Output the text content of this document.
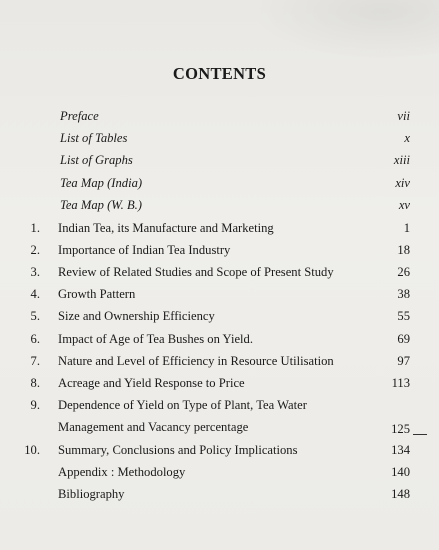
CONTENTS
Preface	vii
List of Tables	x
List of Graphs	xiii
Tea Map (India)	xiv
Tea Map (W. B.)	xv
1. Indian Tea, its Manufacture and Marketing	1
2. Importance of Indian Tea Industry	18
3. Review of Related Studies and Scope of Present Study	26
4. Growth Pattern	38
5. Size and Ownership Efficiency	55
6. Impact of Age of Tea Bushes on Yield.	69
7. Nature and Level of Efficiency in Resource Utilisation	97
8. Acreage and Yield Response to Price	113
9. Dependence of Yield on Type of Plant, Tea Water
Management and Vacancy percentage	125
10. Summary, Conclusions and Policy Implications	134
Appendix : Methodology	140
Bibliography	148
